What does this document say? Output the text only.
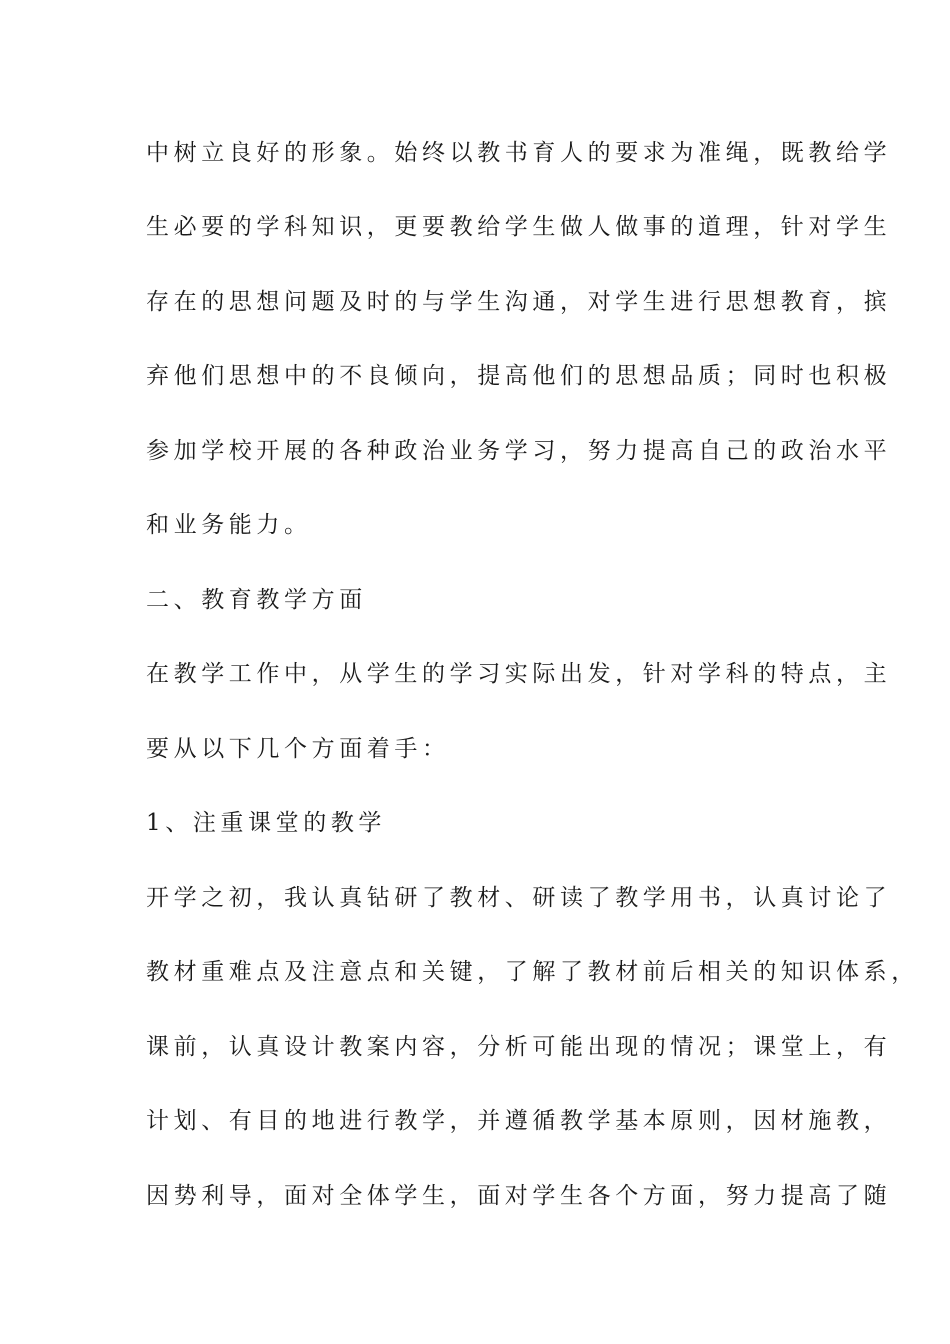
中树立良好的形象。始终以教书育人的要求为准绳，既教给学
生必要的学科知识，更要教给学生做人做事的道理，针对学生
存在的思想问题及时的与学生沟通，对学生进行思想教育，摈
弃他们思想中的不良倾向，提高他们的思想品质；同时也积极
参加学校开展的各种政治业务学习，努力提高自己的政治水平
和业务能力。
二、教育教学方面
在教学工作中，从学生的学习实际出发，针对学科的特点，主
要从以下几个方面着手：
1、注重课堂的教学
开学之初，我认真钻研了教材、研读了教学用书，认真讨论了
教材重难点及注意点和关键，了解了教材前后相关的知识体系，
课前，认真设计教案内容，分析可能出现的情况；课堂上，有
计划、有目的地进行教学，并遵循教学基本原则，因材施教，
因势利导，面对全体学生，面对学生各个方面，努力提高了随
